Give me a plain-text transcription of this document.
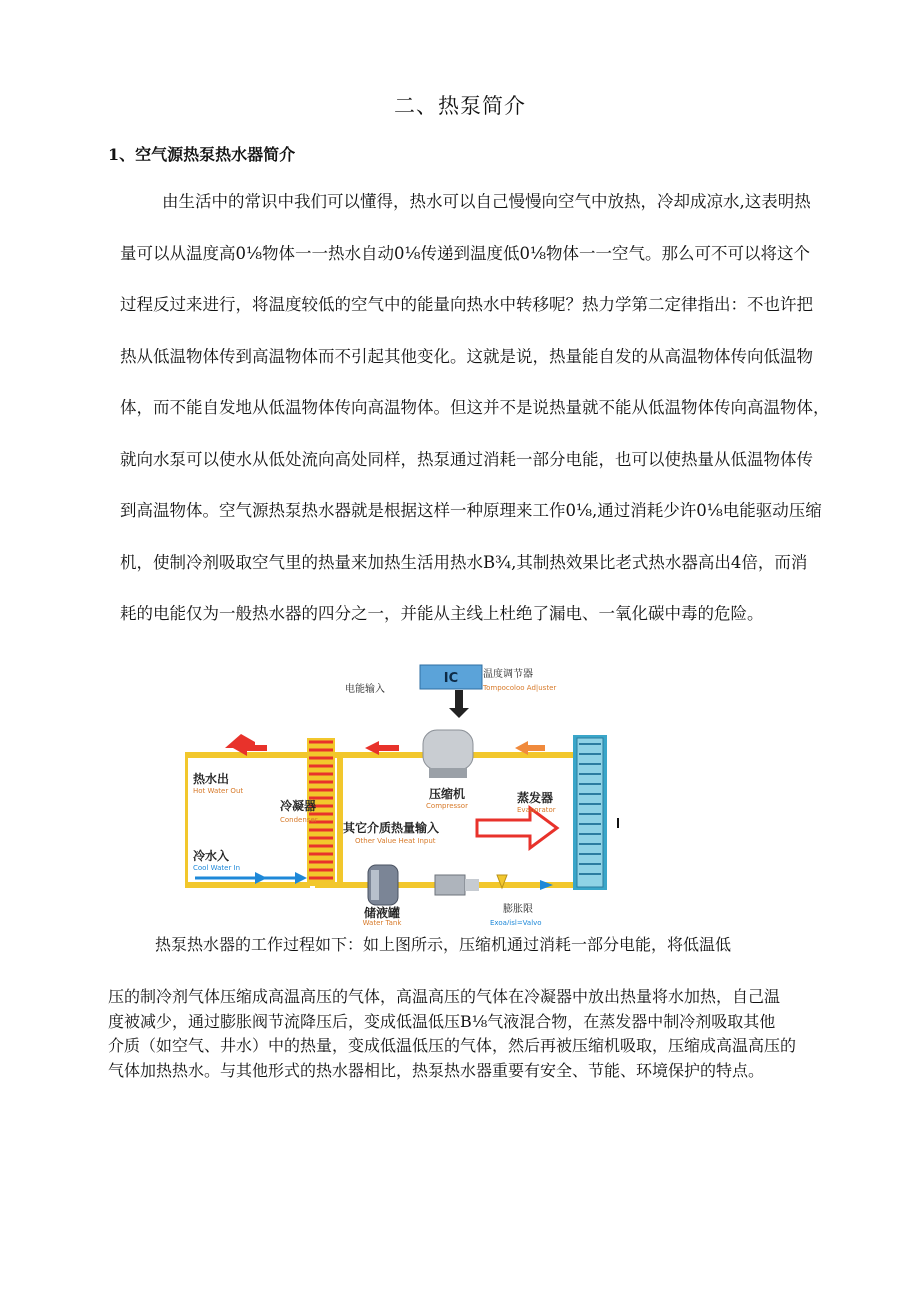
二、热泵简介
1、空气源热泵热水器简介
由生活中的常识中我们可以懂得，热水可以自己慢慢向空气中放热，冷却成凉水,这表明热
量可以从温度高0⅛物体一一热水自动0⅛传递到温度低0⅛物体一一空气。那么可不可以将这个
过程反过来进行，将温度较低的空气中的能量向热水中转移呢？热力学第二定律指出：不也许把
热从低温物体传到高温物体而不引起其他变化。这就是说，热量能自发的从高温物体传向低温物
体，而不能自发地从低温物体传向高温物体。但这并不是说热量就不能从低温物体传向高温物体，
就向水泵可以使水从低处流向高处同样，热泵通过消耗一部分电能，也可以使热量从低温物体传
到高温物体。空气源热泵热水器就是根据这样一种原理来工作0⅛,通过消耗少许0⅛电能驱动压缩
机，使制冷剂吸取空气里的热量来加热生活用热水B¾,其制热效果比老式热水器高出4倍，而消
耗的电能仅为一般热水器的四分之一，并能从主线上杜绝了漏电、一氧化碳中毒的危险。
IC 温度调节器
Tompocoloo Ad|uster
电能输入
压缩机
Compressor
热水出
Hot Water Out
冷凝器
Condenser
冷水入
Cool Water In
其它介质热量输入
Other Value Heat Input
蒸发器
Evaporator
储液罐
Water Tank
膨胀限
Exoa/isl=Valvo
热泵热水器的工作过程如下：如上图所示，压缩机通过消耗一部分电能，将低温低
压的制冷剂气体压缩成高温高压的气体，高温高压的气体在冷凝器中放出热量将水加热，自己温
度被减少，通过膨胀阀节流降压后，变成低温低压B⅛气液混合物，在蒸发器中制冷剂吸取其他
介质（如空气、井水）中的热量，变成低温低压的气体，然后再被压缩机吸取，压缩成高温高压的
气体加热热水。与其他形式的热水器相比，热泵热水器重要有安全、节能、环境保护的特点。
